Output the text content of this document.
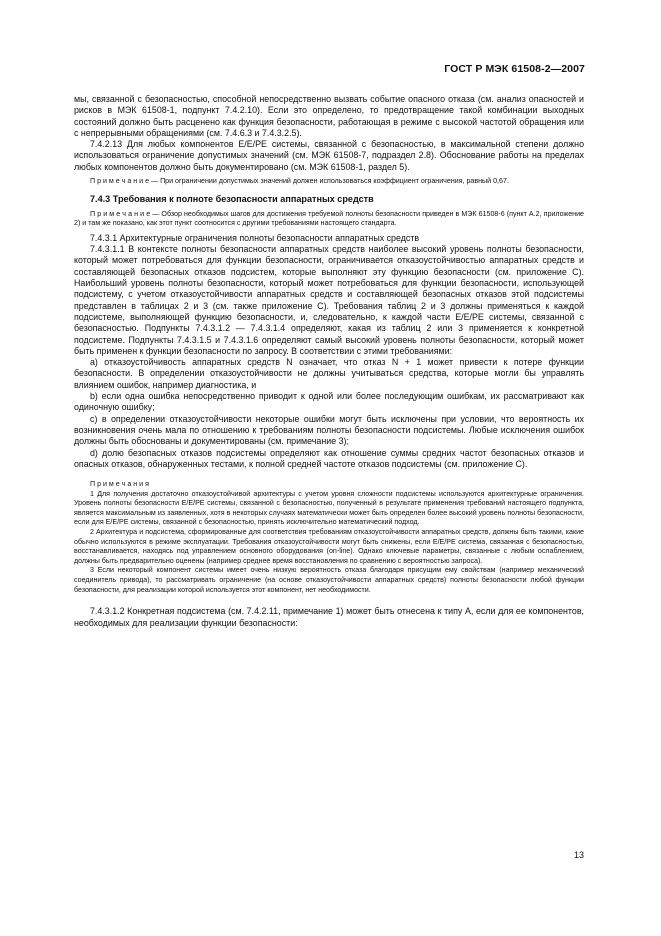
ГОСТ Р МЭК 61508-2—2007

мы, связанной с безопасностью, способной непосредственно вызвать событие опасного отказа (см. анализ опасностей и рисков в МЭК 61508-1, подпункт 7.4.2.10). Если это определено, то предотвращение такой комбинации выходных состояний должно быть расценено как функция безопасности, работающая в режиме с высокой частотой обращения или с непрерывными обращениями (см. 7.4.6.3 и 7.4.3.2.5).

7.4.2.13 Для любых компонентов E/E/PE системы, связанной с безопасностью, в максимальной степени должно использоваться ограничение допустимых значений (см. МЭК 61508-7, подраздел 2.8). Обоснование работы на пределах любых компонентов должно быть документировано (см. МЭК 61508-1, раздел 5).

П р и м е ч а н и е — При ограничении допустимых значений должен использоваться коэффициент ограничения, равный 0,67.

7.4.3 Требования к полноте безопасности аппаратных средств

П р и м е ч а н и е — Обзор необходимых шагов для достижения требуемой полноты безопасности приведен в МЭК 61508-6 (пункт А.2, приложение 2) и там же показано, как этот пункт соотносится с другими требованиями настоящего стандарта.

7.4.3.1 Архитектурные ограничения полноты безопасности аппаратных средств

7.4.3.1.1 В контексте полноты безопасности аппаратных средств наиболее высокий уровень полноты безопасности, который может потребоваться для функции безопасности, ограничивается отказоустойчивостью аппаратных средств и составляющей безопасных отказов подсистем, которые выполняют эту функцию безопасности (см. приложение С). Наибольший уровень полноты безопасности, который может потребоваться для функции безопасности, использующей подсистему, с учетом отказоустойчивости аппаратных средств и составляющей безопасных отказов этой подсистемы представлен в таблицах 2 и 3 (см. также приложение С). Требования таблиц 2 и 3 должны применяться к каждой подсистеме, выполняющей функцию безопасности, и, следовательно, к каждой части E/E/PE системы, связанной с безопасностью. Подпункты 7.4.3.1.2 — 7.4.3.1.4 определяют, какая из таблиц 2 или 3 применяется к конкретной подсистеме. Подпункты 7.4.3.1.5 и 7.4.3.1.6 определяют самый высокий уровень полноты безопасности, который может быть применен к функции безопасности по запросу. В соответствии с этими требованиями:

а) отказоустойчивость аппаратных средств N означает, что отказ N + 1 может привести к потере функции безопасности. В определении отказоустойчивости не должны учитываться средства, которые могли бы управлять влиянием ошибок, например диагностика, и

b) если одна ошибка непосредственно приводит к одной или более последующим ошибкам, их рассматривают как одиночную ошибку;

c) в определении отказоустойчивости некоторые ошибки могут быть исключены при условии, что вероятность их возникновения очень мала по отношению к требованиям полноты безопасности подсистемы. Любые исключения ошибок должны быть обоснованы и документированы (см. примечание 3);

d) долю безопасных отказов подсистемы определяют как отношение суммы средних частот безопасных отказов и опасных отказов, обнаруженных тестами, к полной средней частоте отказов подсистемы (см. приложение С).

П р и м е ч а н и я

1 Для получения достаточно отказоустойчивой архитектуры с учетом уровня сложности подсистемы используются архитектурные ограничения. Уровень полноты безопасности E/E/PE системы, связанной с безопасностью, полученный в результате применения требований настоящего подпункта, является максимальным из заявленных, хотя в некоторых случаях математически может быть определен более высокий уровень полноты безопасности, если для E/E/PE системы, связанной с безопасностью, принять исключительно математический подход.

2 Архитектура и подсистема, сформированные для соответствия требованиям отказоустойчивости аппаратных средств, должны быть такими, какие обычно используются в режиме эксплуатации. Требования отказоустойчивости могут быть снижены, если E/E/PE система, связанная с безопасностью, восстанавливается, находясь под управлением основного оборудования (on-line). Однако ключевые параметры, связанные с любым ослаблением, должны быть предварительно оценены (например среднее время восстановления по сравнению с вероятностью запроса).

3 Если некоторый компонент системы имеет очень низкую вероятность отказа благодаря присущим ему свойствам (например механический соединитель привода), то рассматривать ограничение (на основе отказоустойчивости аппаратных средств) полноты безопасности любой функции безопасности, для реализации которой используется этот компонент, нет необходимости.

7.4.3.1.2 Конкретная подсистема (см. 7.4.2.11, примечание 1) может быть отнесена к типу А, если для ее компонентов, необходимых для реализации функции безопасности:

13
